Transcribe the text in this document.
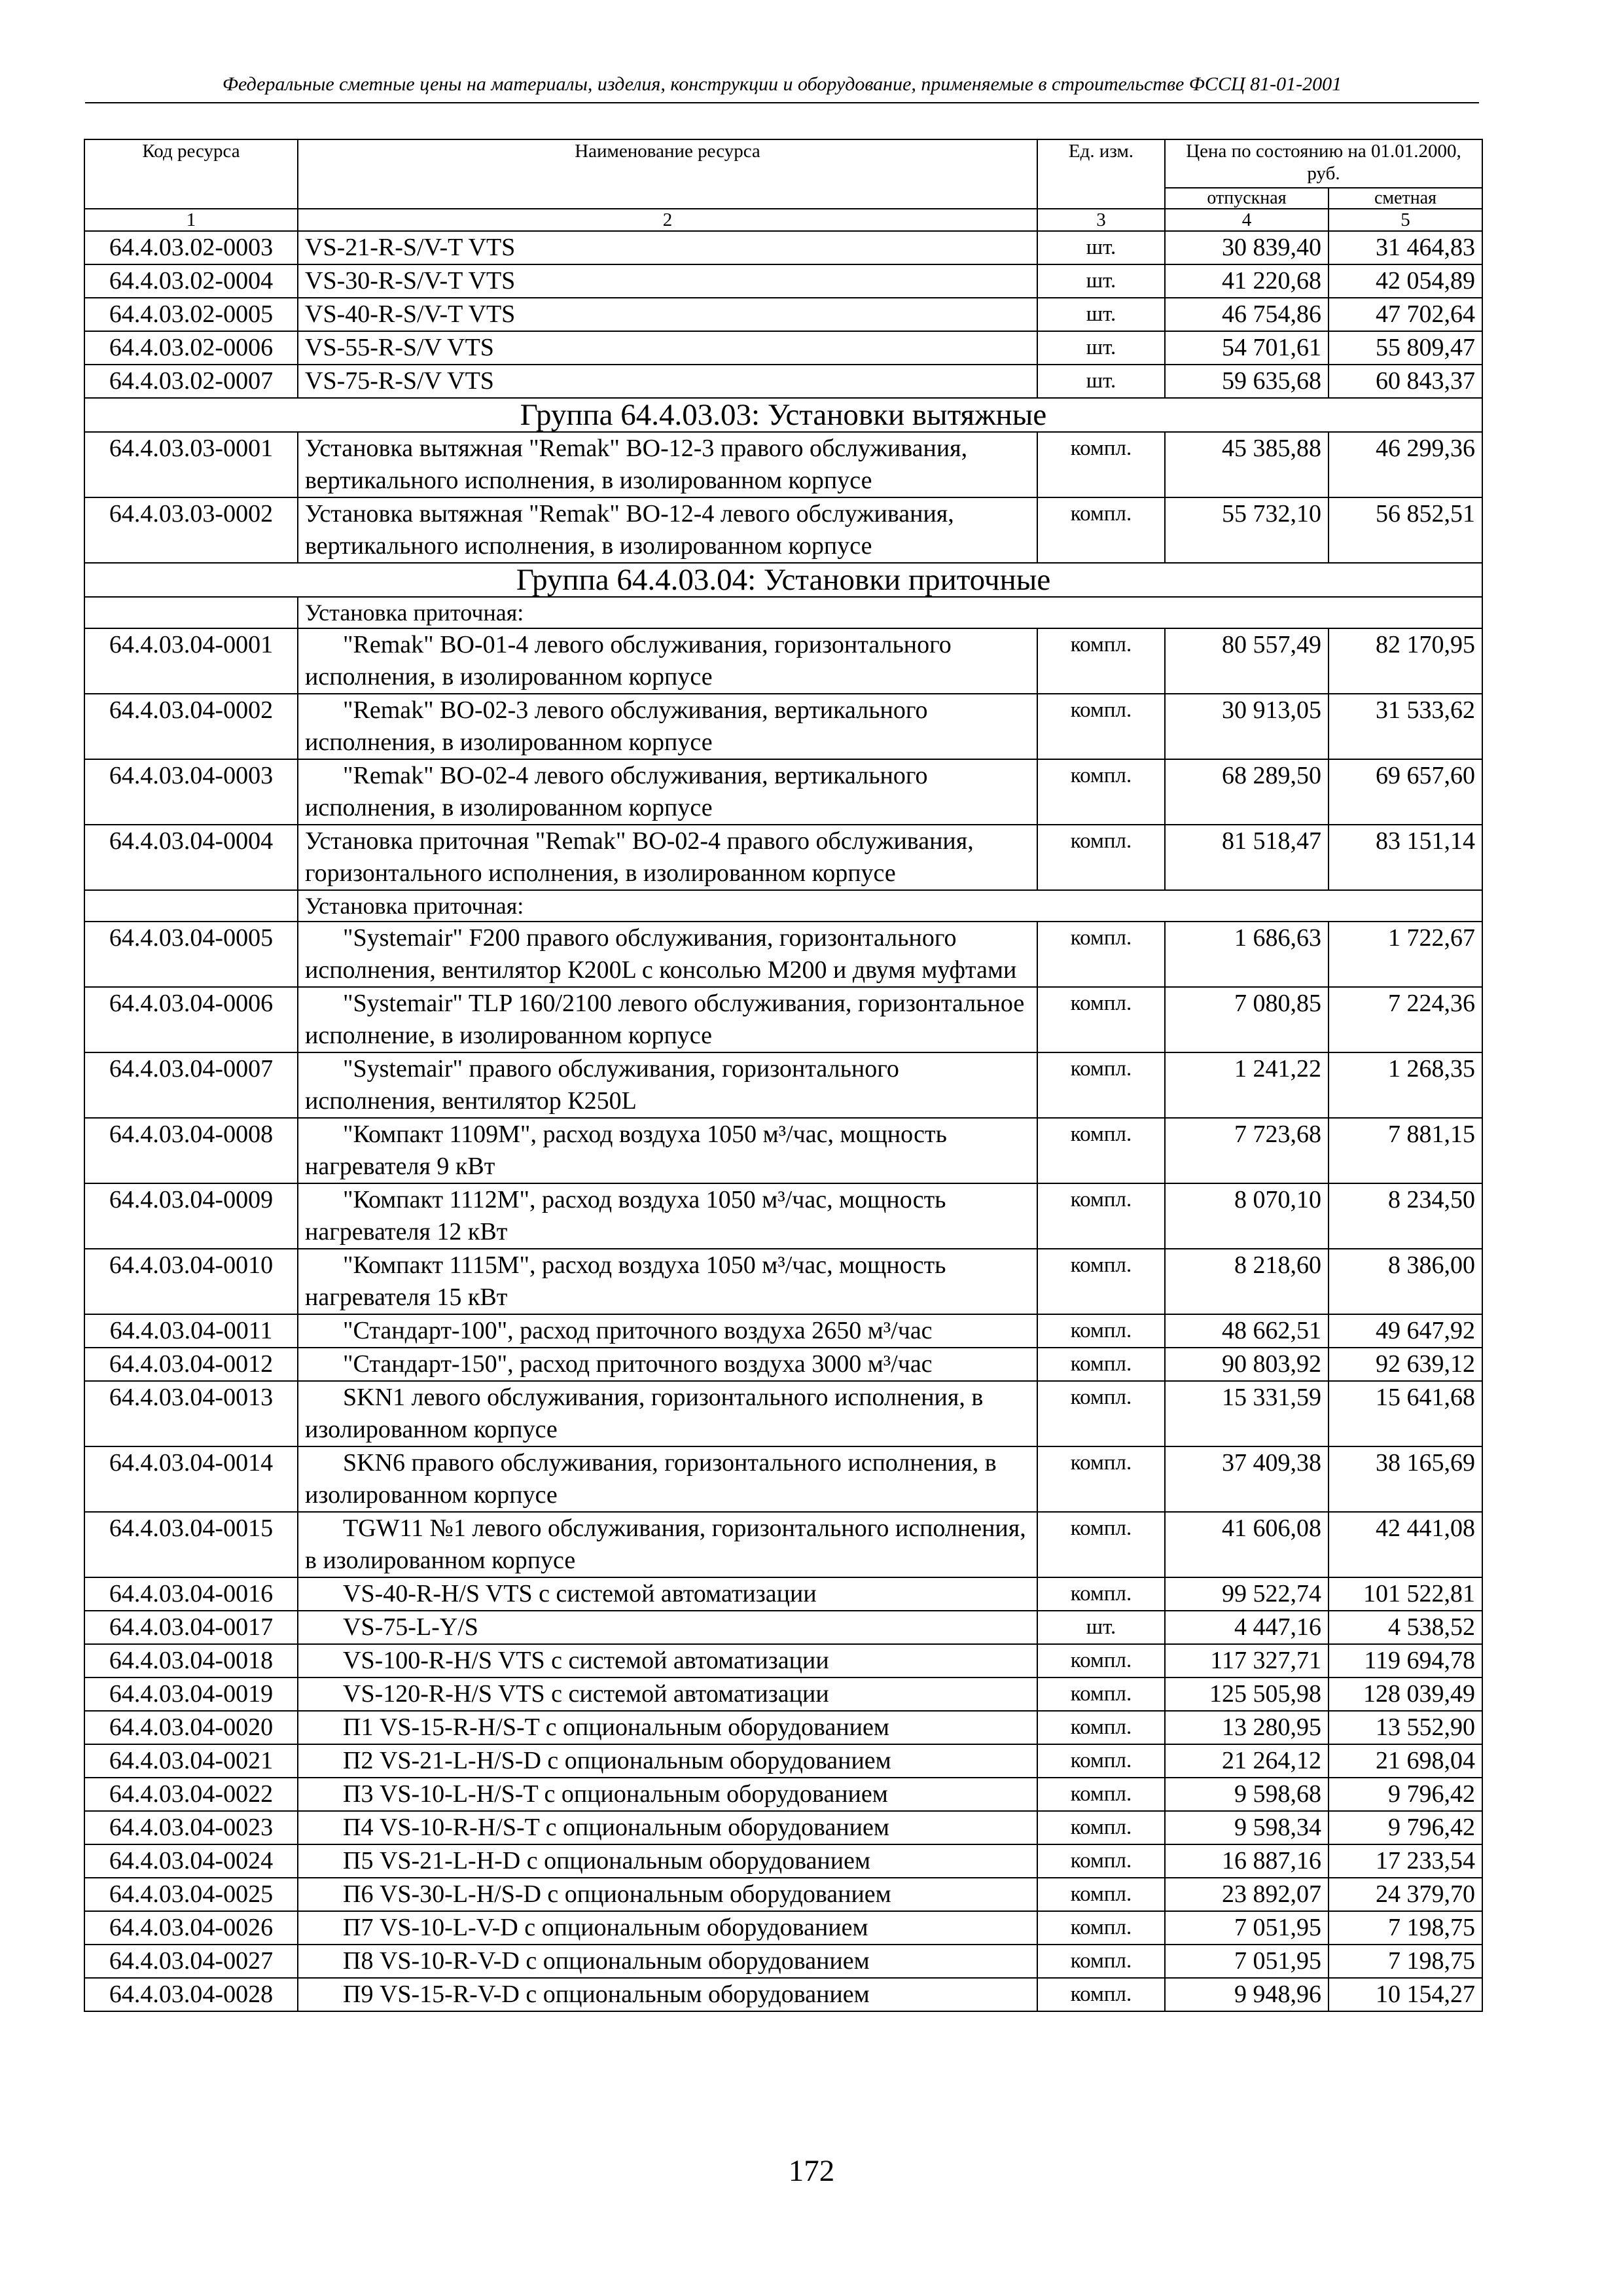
Федеральные сметные цены на материалы, изделия, конструкции и оборудование, применяемые в строительстве ФССЦ 81-01-2001
Код ресурса	Наименование ресурса	Ед. изм.	Цена по состоянию на 01.01.2000, руб.	
			отпускная	сметная
1	2	3	4	5
64.4.03.02-0003	VS-21-R-S/V-T VTS	шт.	30 839,40	31 464,83
64.4.03.02-0004	VS-30-R-S/V-T VTS	шт.	41 220,68	42 054,89
64.4.03.02-0005	VS-40-R-S/V-T VTS	шт.	46 754,86	47 702,64
64.4.03.02-0006	VS-55-R-S/V VTS	шт.	54 701,61	55 809,47
64.4.03.02-0007	VS-75-R-S/V VTS	шт.	59 635,68	60 843,37
Группа 64.4.03.03: Установки вытяжные				
64.4.03.03-0001	Установка вытяжная "Remak" ВО-12-3 правого обслуживания, вертикального исполнения, в изолированном корпусе	компл.	45 385,88	46 299,36
64.4.03.03-0002	Установка вытяжная "Remak" ВО-12-4 левого обслуживания, вертикального исполнения, в изолированном корпусе	компл.	55 732,10	56 852,51
Группа 64.4.03.04: Установки приточные				
	Установка приточная:			
64.4.03.04-0001	"Remak" ВО-01-4 левого обслуживания, горизонтального исполнения, в изолированном корпусе	компл.	80 557,49	82 170,95
64.4.03.04-0002	"Remak" ВО-02-3 левого обслуживания, вертикального исполнения, в изолированном корпусе	компл.	30 913,05	31 533,62
64.4.03.04-0003	"Remak" ВО-02-4 левого обслуживания, вертикального исполнения, в изолированном корпусе	компл.	68 289,50	69 657,60
64.4.03.04-0004	Установка приточная "Remak" ВО-02-4 правого обслуживания, горизонтального исполнения, в изолированном корпусе	компл.	81 518,47	83 151,14
	Установка приточная:			
64.4.03.04-0005	"Systemair" F200 правого обслуживания, горизонтального исполнения, вентилятор К200L с консолью М200 и двумя муфтами	компл.	1 686,63	1 722,67
64.4.03.04-0006	"Systemair" TLP 160/2100 левого обслуживания, горизонтальное исполнение, в изолированном корпусе	компл.	7 080,85	7 224,36
64.4.03.04-0007	"Systemair" правого обслуживания, горизонтального исполнения, вентилятор К250L	компл.	1 241,22	1 268,35
64.4.03.04-0008	"Компакт 1109М", расход воздуха 1050 м³/час, мощность нагревателя 9 кВт	компл.	7 723,68	7 881,15
64.4.03.04-0009	"Компакт 1112М", расход воздуха 1050 м³/час, мощность нагревателя 12 кВт	компл.	8 070,10	8 234,50
64.4.03.04-0010	"Компакт 1115М", расход воздуха 1050 м³/час, мощность нагревателя 15 кВт	компл.	8 218,60	8 386,00
64.4.03.04-0011	"Стандарт-100", расход приточного воздуха 2650 м³/час	компл.	48 662,51	49 647,92
64.4.03.04-0012	"Стандарт-150", расход приточного воздуха 3000 м³/час	компл.	90 803,92	92 639,12
64.4.03.04-0013	SKN1 левого обслуживания, горизонтального исполнения, в изолированном корпусе	компл.	15 331,59	15 641,68
64.4.03.04-0014	SKN6 правого обслуживания, горизонтального исполнения, в изолированном корпусе	компл.	37 409,38	38 165,69
64.4.03.04-0015	TGW11 №1 левого обслуживания, горизонтального исполнения, в изолированном корпусе	компл.	41 606,08	42 441,08
64.4.03.04-0016	VS-40-R-H/S VTS с системой автоматизации	компл.	99 522,74	101 522,81
64.4.03.04-0017	VS-75-L-Y/S	шт.	4 447,16	4 538,52
64.4.03.04-0018	VS-100-R-H/S VTS с системой автоматизации	компл.	117 327,71	119 694,78
64.4.03.04-0019	VS-120-R-H/S VTS с системой автоматизации	компл.	125 505,98	128 039,49
64.4.03.04-0020	П1 VS-15-R-H/S-T с опциональным оборудованием	компл.	13 280,95	13 552,90
64.4.03.04-0021	П2 VS-21-L-H/S-D с опциональным оборудованием	компл.	21 264,12	21 698,04
64.4.03.04-0022	П3 VS-10-L-H/S-T с опциональным оборудованием	компл.	9 598,68	9 796,42
64.4.03.04-0023	П4 VS-10-R-H/S-T с опциональным оборудованием	компл.	9 598,34	9 796,42
64.4.03.04-0024	П5 VS-21-L-H-D с опциональным оборудованием	компл.	16 887,16	17 233,54
64.4.03.04-0025	П6 VS-30-L-H/S-D с опциональным оборудованием	компл.	23 892,07	24 379,70
64.4.03.04-0026	П7 VS-10-L-V-D с опциональным оборудованием	компл.	7 051,95	7 198,75
64.4.03.04-0027	П8 VS-10-R-V-D с опциональным оборудованием	компл.	7 051,95	7 198,75
64.4.03.04-0028	П9 VS-15-R-V-D с опциональным оборудованием	компл.	9 948,96	10 154,27
172
